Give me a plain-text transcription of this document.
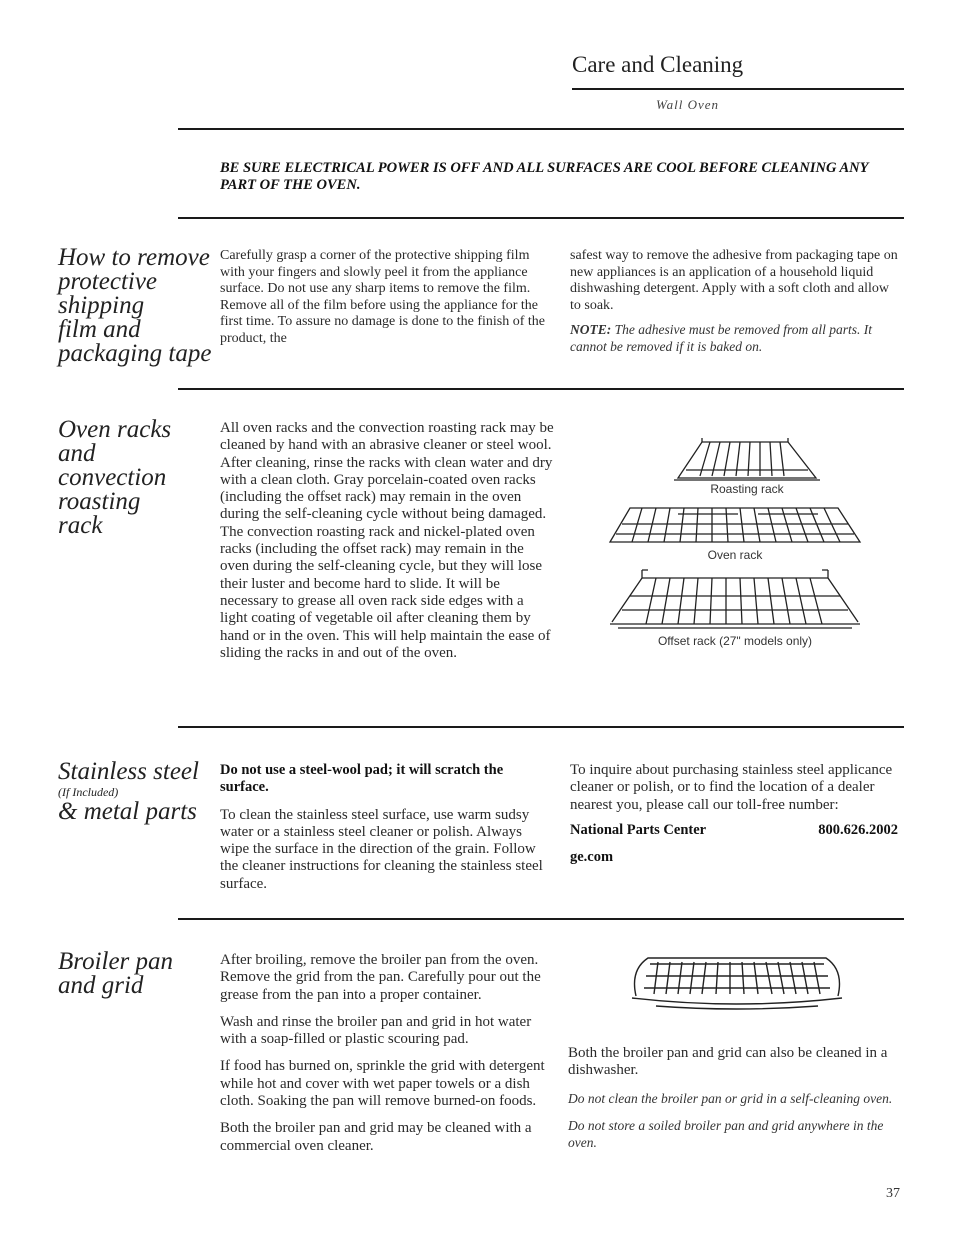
Care and Cleaning
Wall Oven
BE SURE ELECTRICAL POWER IS OFF AND ALL SURFACES ARE COOL BEFORE CLEANING ANY PART OF THE OVEN.
How to remove
protective shipping
film and
packaging tape
Carefully grasp a corner of the protective shipping film with your fingers and slowly peel it from the appliance surface. Do not use any sharp items to remove the film. Remove all of the film before using the appliance for the first time. To assure no damage is done to the finish of the product, the
safest way to remove the adhesive from packaging tape on new appliances is an application of a household liquid dishwashing detergent. Apply with a soft cloth and allow to soak.
NOTE: The adhesive must be removed from all parts. It cannot be removed if it is baked on.
Oven racks
and
convection
roasting
rack
All oven racks and the convection roasting rack may be cleaned by hand with an abrasive cleaner or steel wool. After cleaning, rinse the racks with clean water and dry with a clean cloth. Gray porcelain-coated oven racks (including the offset rack) may remain in the oven during the self-cleaning cycle without being damaged. The convection roasting rack and nickel-plated oven racks (including the offset rack) may remain in the oven during the self-cleaning cycle, but they will lose their luster and become hard to slide. It will be necessary to grease all oven rack side edges with a light coating of vegetable oil after cleaning them by hand or in the oven. This will help maintain the ease of sliding the racks in and out of the oven.
Roasting rack
Oven rack
Offset rack (27" models only)
Stainless steel
(If Included)
& metal parts
Do not use a steel-wool pad; it will scratch the surface.
To clean the stainless steel surface, use warm sudsy water or a stainless steel cleaner or polish. Always wipe the surface in the direction of the grain. Follow the cleaner instructions for cleaning the stainless steel surface.
To inquire about purchasing stainless steel applicance cleaner or polish, or to find the location of a dealer nearest you, please call our toll-free number:
National Parts Center	800.626.2002
ge.com
Broiler pan
and grid

After broiling, remove the broiler pan from the oven. Remove the grid from the pan. Carefully pour out the grease from the pan into a proper container.

Wash and rinse the broiler pan and grid in hot water with a soap-filled or plastic scouring pad.

If food has burned on, sprinkle the grid with detergent while hot and cover with wet paper towels or a dish cloth. Soaking the pan will remove burned-on foods.

Both the broiler pan and grid may be cleaned with a commercial oven cleaner.

Both the broiler pan and grid can also be cleaned in a dishwasher.
Do not clean the broiler pan or grid in a self-cleaning oven.
Do not store a soiled broiler pan and grid anywhere in the oven.
37
